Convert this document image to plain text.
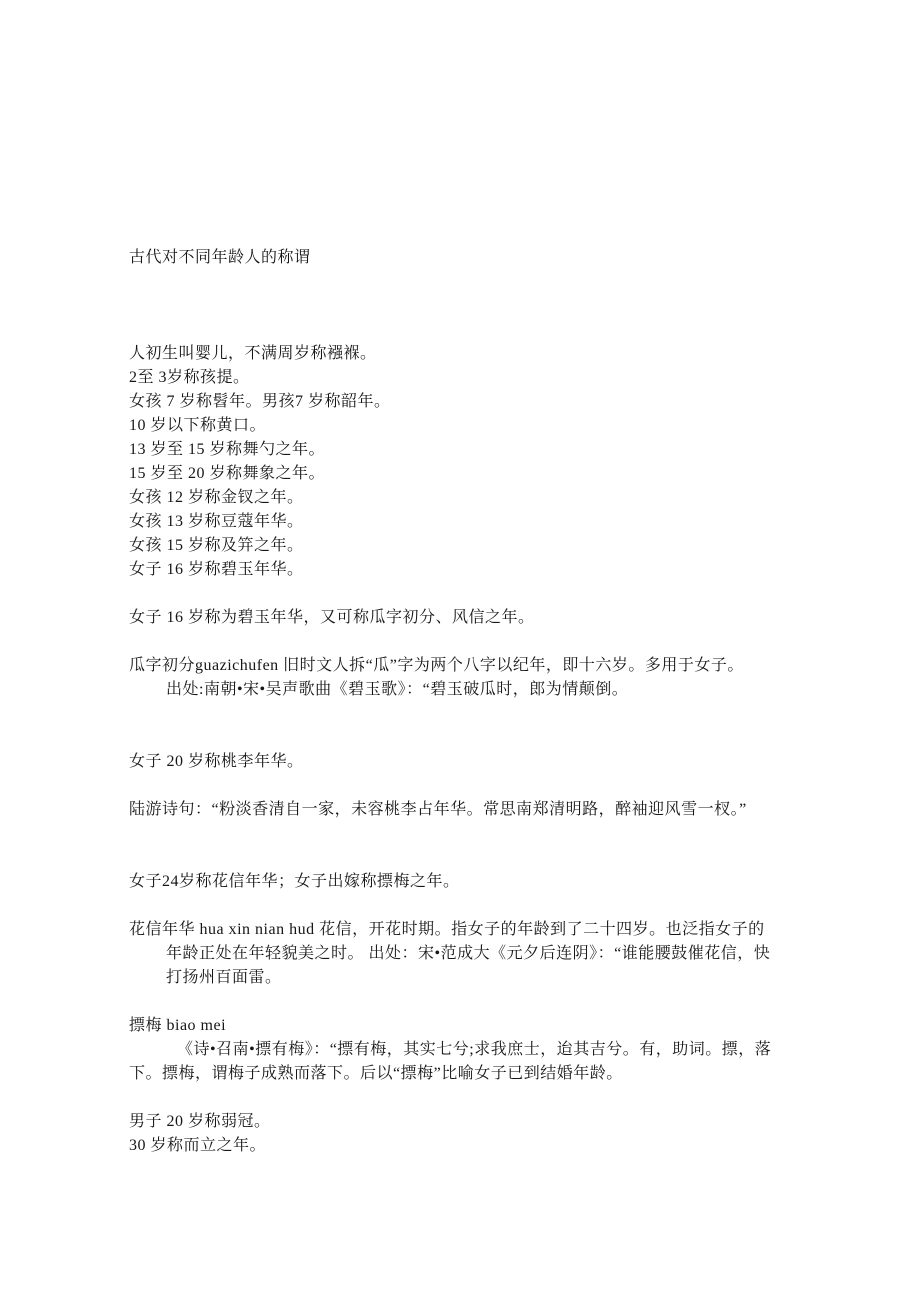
古代对不同年龄人的称谓
人初生叫婴儿，不满周岁称襁褓。
2至 3岁称孩提。
女孩 7 岁称髫年。男孩7 岁称韶年。
10 岁以下称黄口。
13 岁至 15 岁称舞勺之年。
15 岁至 20 岁称舞象之年。
女孩 12 岁称金钗之年。
女孩 13 岁称豆蔻年华。
女孩 15 岁称及笄之年。
女子 16 岁称碧玉年华。
女子 16 岁称为碧玉年华，又可称瓜字初分、风信之年。
瓜字初分guazichufen 旧时文人拆“瓜”字为两个八字以纪年，即十六岁。多用于女子。
出处:南朝•宋•吴声歌曲《碧玉歌》：“碧玉破瓜时，郎为情颠倒。
女子 20 岁称桃李年华。
陆游诗句：“粉淡香清自一家，未容桃李占年华。常思南郑清明路，醉袖迎风雪一杈。”
女子24岁称花信年华；女子出嫁称摽梅之年。
花信年华 hua xin nian hud 花信，开花时期。指女子的年龄到了二十四岁。也泛指女子的
年龄正处在年轻貌美之时。 出处：宋•范成大《元夕后连阴》：“谁能腰鼓催花信，快
打扬州百面雷。
摽梅 biao mei
《诗•召南•摽有梅》：“摽有梅，其实七兮;求我庶士，迨其吉兮。有，助词。摽，落
下。摽梅，谓梅子成熟而落下。后以“摽梅”比喻女子已到结婚年龄。
男子 20 岁称弱冠。
30 岁称而立之年。
